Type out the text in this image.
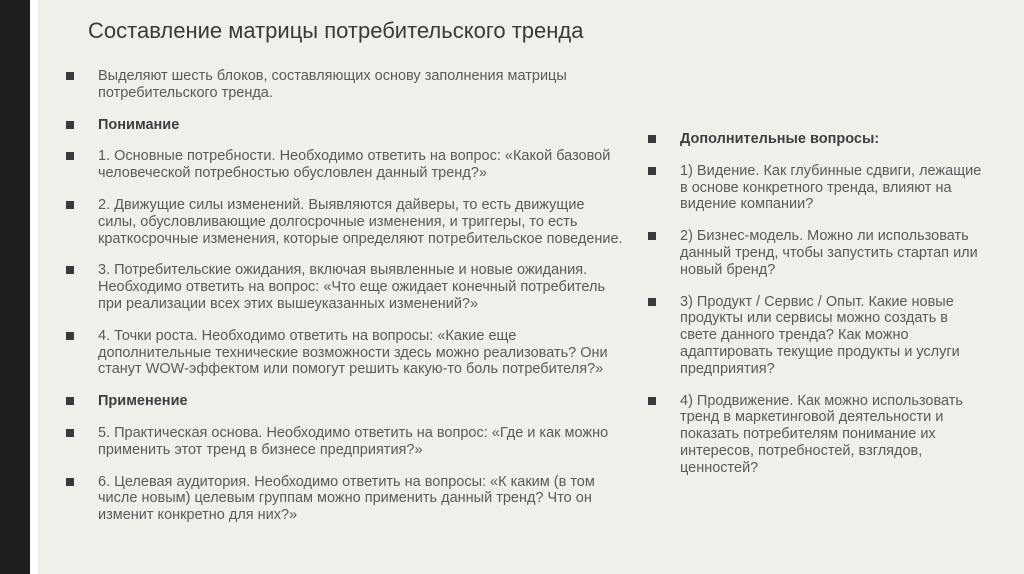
Составление матрицы потребительского тренда
Выделяют шесть блоков, составляющих основу заполнения матрицы потребительского тренда.
Понимание
1. Основные потребности. Необходимо ответить на вопрос: «Какой базовой человеческой потребностью обусловлен данный тренд?»
2. Движущие силы изменений. Выявляются дайверы, то есть движущие силы, обусловливающие долгосрочные изменения, и триггеры, то есть краткосрочные изменения, которые определяют потребительское поведение.
3. Потребительские ожидания, включая выявленные и новые ожидания. Необходимо ответить на вопрос: «Что еще ожидает конечный потребитель при реализации всех этих вышеуказанных изменений?»
4. Точки роста. Необходимо ответить на вопросы: «Какие еще дополнительные технические возможности здесь можно реализовать? Они станут WOW-эффектом или помогут решить какую-то боль потребителя?»
Применение
5. Практическая основа. Необходимо ответить на вопрос: «Где и как можно применить этот тренд в бизнесе предприятия?»
6. Целевая аудитория. Необходимо ответить на вопросы: «К каким (в том числе новым) целевым группам можно применить данный тренд? Что он изменит конкретно для них?»
Дополнительные вопросы:
1) Видение. Как глубинные сдвиги, лежащие в основе конкретного тренда, влияют на видение компании?
2) Бизнес-модель. Можно ли использовать данный тренд, чтобы запустить стартап или новый бренд?
3) Продукт / Сервис / Опыт. Какие новые продукты или сервисы можно создать в свете данного тренда? Как можно адаптировать текущие продукты и услуги предприятия?
4) Продвижение. Как можно использовать тренд в маркетинговой деятельности и показать потребителям понимание их интересов, потребностей, взглядов, ценностей?
